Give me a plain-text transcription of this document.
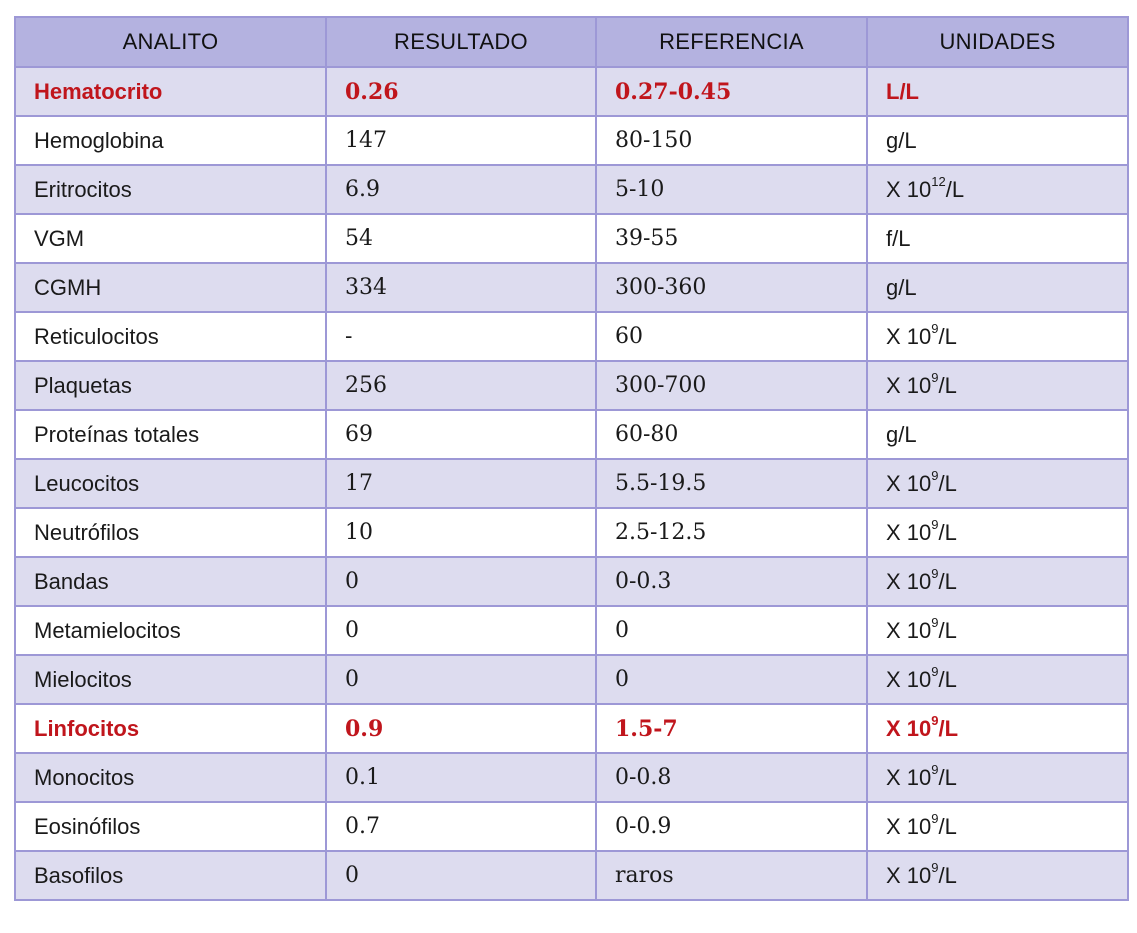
ANALITO	RESULTADO	REFERENCIA	UNIDADES
Hematocrito	0.26	0.27-0.45	L/L
Hemoglobina	147	80-150	g/L
Eritrocitos	6.9	5-10	X $10^{12}/L$
VGM	54	39-55	f/L
CGMH	334	300-360	g/L
Reticulocitos	-	60	X $10^9/L$
Plaquetas	256	300-700	X $10^9/L$
Proteínas totales	69	60-80	g/L
Leucocitos	17	5.5-19.5	X $10^9/L$
Neutrófilos	10	2.5-12.5	X $10^9/L$
Bandas	0	0-0.3	X $10^9/L$
Metamielocitos	0	0	X $10^9/L$
Mielocitos	0	0	X $10^9/L$
Linfocitos	0.9	1.5-7	X $10^9/L$
Monocitos	0.1	0-0.8	X $10^9/L$
Eosinófilos	0.7	0-0.9	X $10^9/L$
Basofilos	0	raros	X $10^9/L$
